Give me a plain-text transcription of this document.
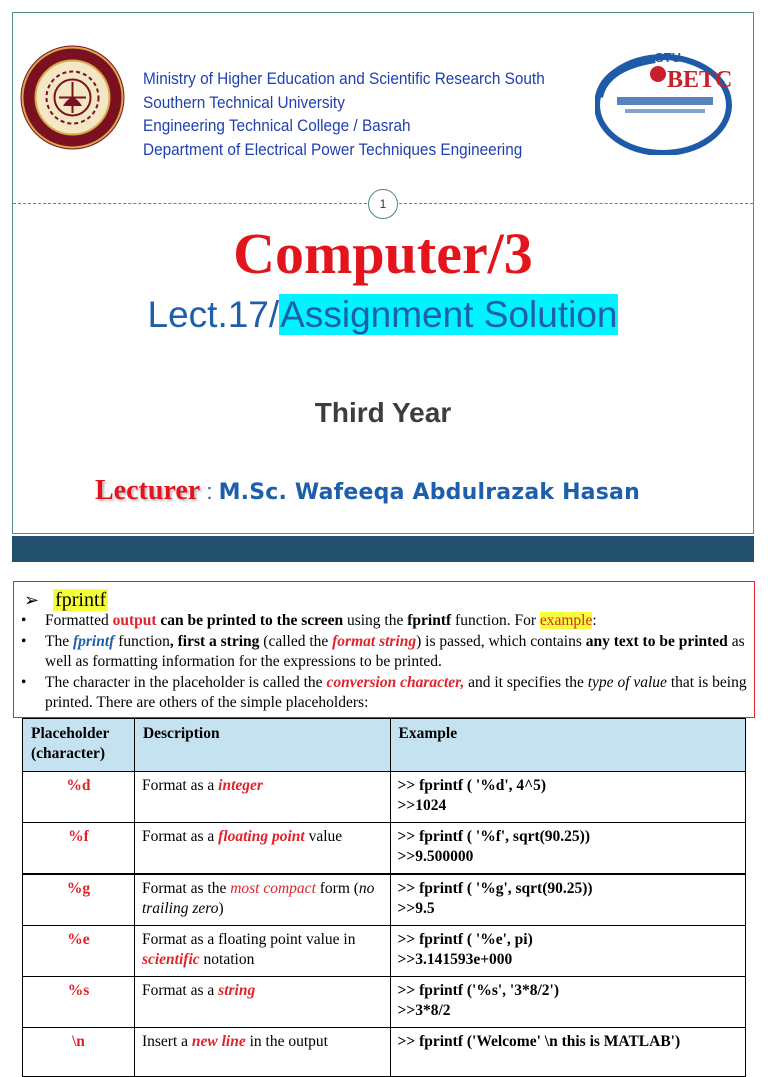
Ministry of Higher Education and Scientific Research South
Southern Technical University
Engineering Technical College / Basrah
Department of Electrical Power Techniques Engineering
STU
BETC
1
Computer/3
Lect.17/Assignment Solution
Third Year
Lecturer : M.Sc. Wafeeqa Abdulrazak Hasan
➢ fprintf
• Formatted output can be printed to the screen using the fprintf function. For example:
• The fprintf function, first a string (called the format string) is passed, which contains any text to be printed as well as formatting information for the expressions to be printed.
• The character in the placeholder is called the conversion character, and it specifies the type of value that is being printed. There are others of the simple placeholders:
Placeholder (character)	Description	Example
%d	Format as a integer	>> fprintf ( '%d', 4^5)
>>1024

%f	Format as a floating point value	>> fprintf ( '%f', sqrt(90.25))
>>9.500000

%g	Format as the most compact form (no trailing zero)	>> fprintf ( '%g', sqrt(90.25))
>>9.5

%e	Format as a floating point value in scientific notation	>> fprintf ( '%e', pi)
>>3.141593e+000

%s	Format as a string	>> fprintf ('%s', '3*8/2')
>>3*8/2

\n	Insert a new line in the output	>> fprintf ('Welcome' \n this is MATLAB')
